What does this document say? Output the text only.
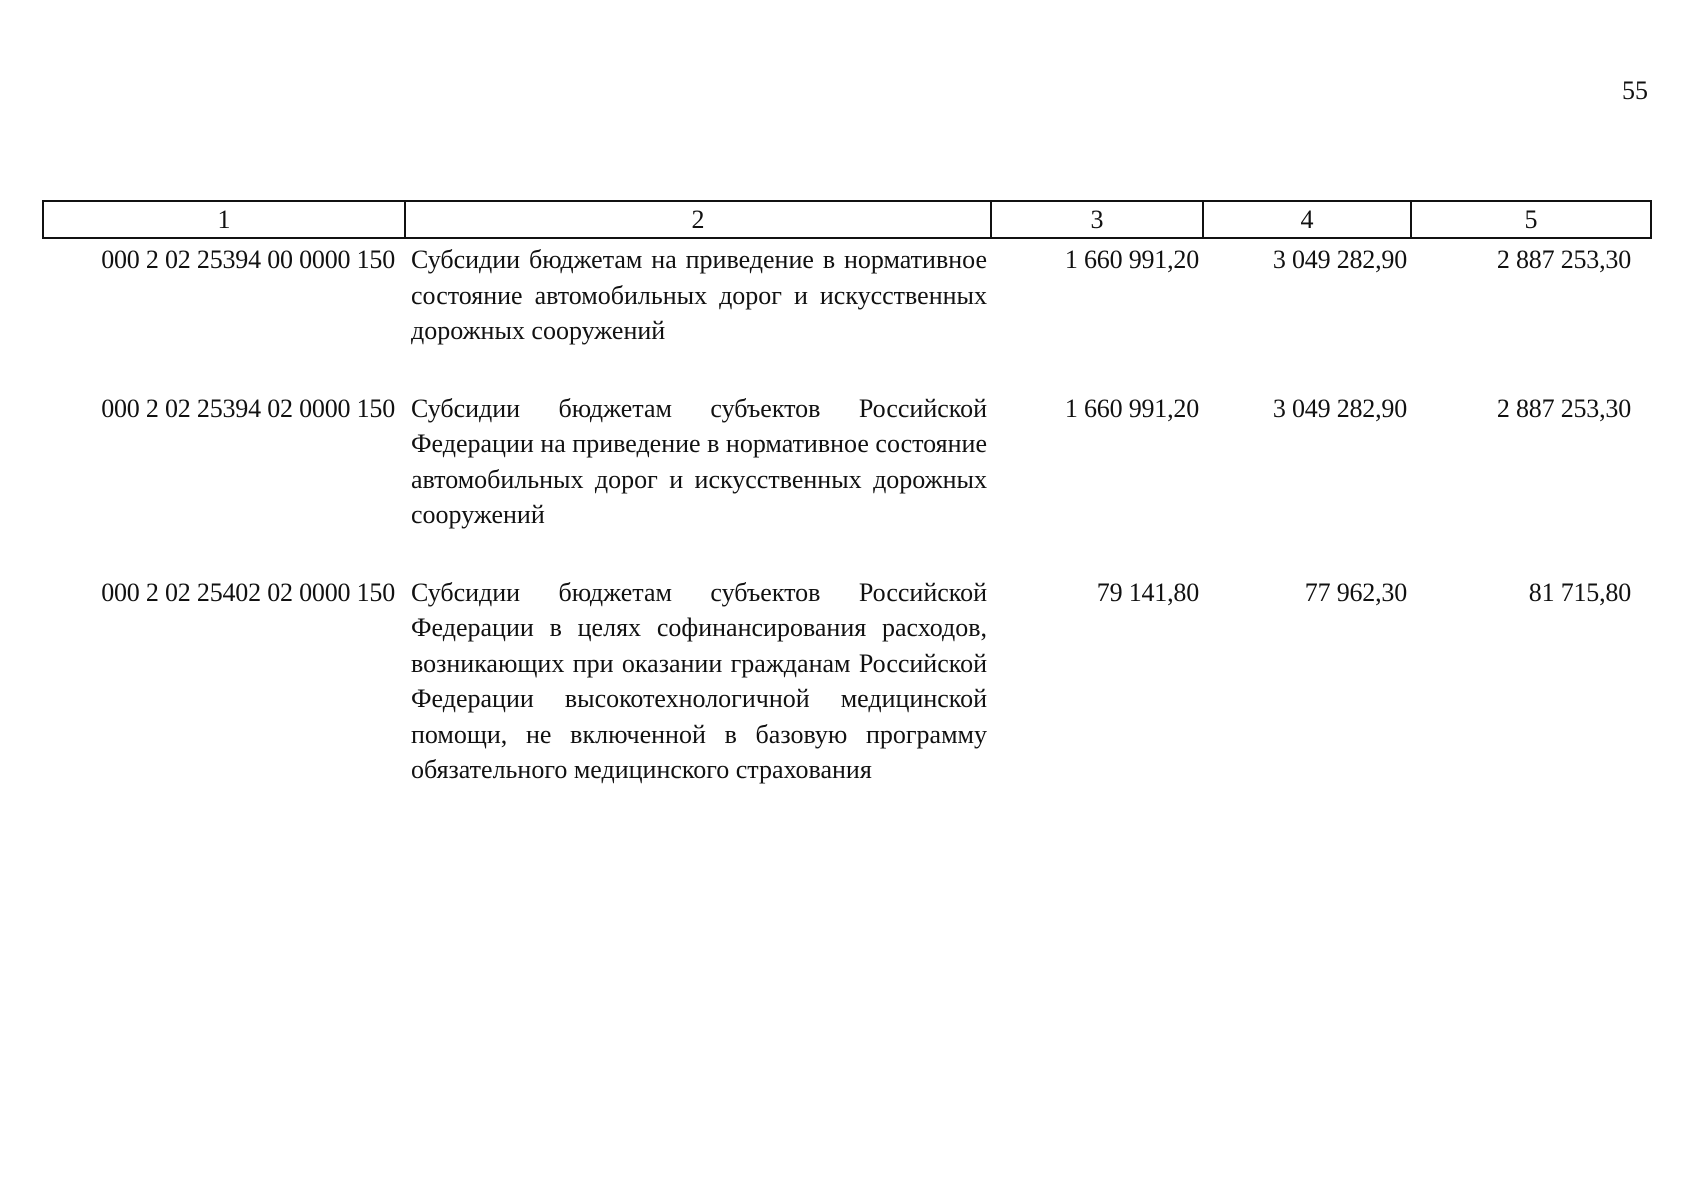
55
1	2	3	4	5
000 2 02 25394 00 0000 150	Субсидии бюджетам на приведение в нормативное состояние автомобильных дорог и искусственных дорожных сооружений	1 660 991,20	3 049 282,90	2 887 253,30
000 2 02 25394 02 0000 150	Субсидии бюджетам субъектов Российской Федерации на приведение в нормативное состояние автомобильных дорог и искусственных дорожных сооружений	1 660 991,20	3 049 282,90	2 887 253,30
000 2 02 25402 02 0000 150	Субсидии бюджетам субъектов Российской Федерации в целях софинансирования расходов, возникающих при оказании гражданам Российской Федерации высокотехнологичной медицинской помощи, не включенной в базовую программу обязательного медицинского страхования	79 141,80	77 962,30	81 715,80
